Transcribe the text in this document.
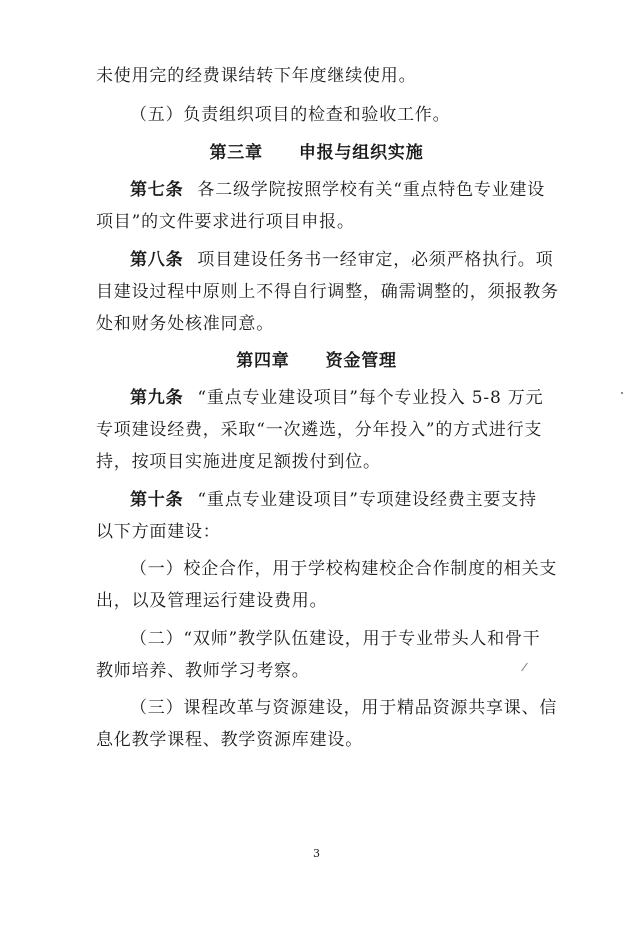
未使用完的经费课结转下年度继续使用。
（五）负责组织项目的检查和验收工作。
第三章 申报与组织实施
第七条 各二级学院按照学校有关“重点特色专业建设
项目”的文件要求进行项目申报。
第八条 项目建设任务书一经审定，必须严格执行。项
目建设过程中原则上不得自行调整，确需调整的，须报教务
处和财务处核准同意。
第四章 资金管理
第九条 “重点专业建设项目”每个专业投入 5-8 万元
专项建设经费，采取“一次遴选，分年投入”的方式进行支
持，按项目实施进度足额拨付到位。
第十条 “重点专业建设项目”专项建设经费主要支持
以下方面建设：
（一）校企合作，用于学校构建校企合作制度的相关支
出，以及管理运行建设费用。
（二）“双师”教学队伍建设，用于专业带头人和骨干
教师培养、教师学习考察。
（三）课程改革与资源建设，用于精品资源共享课、信
息化教学课程、教学资源库建设。
3
